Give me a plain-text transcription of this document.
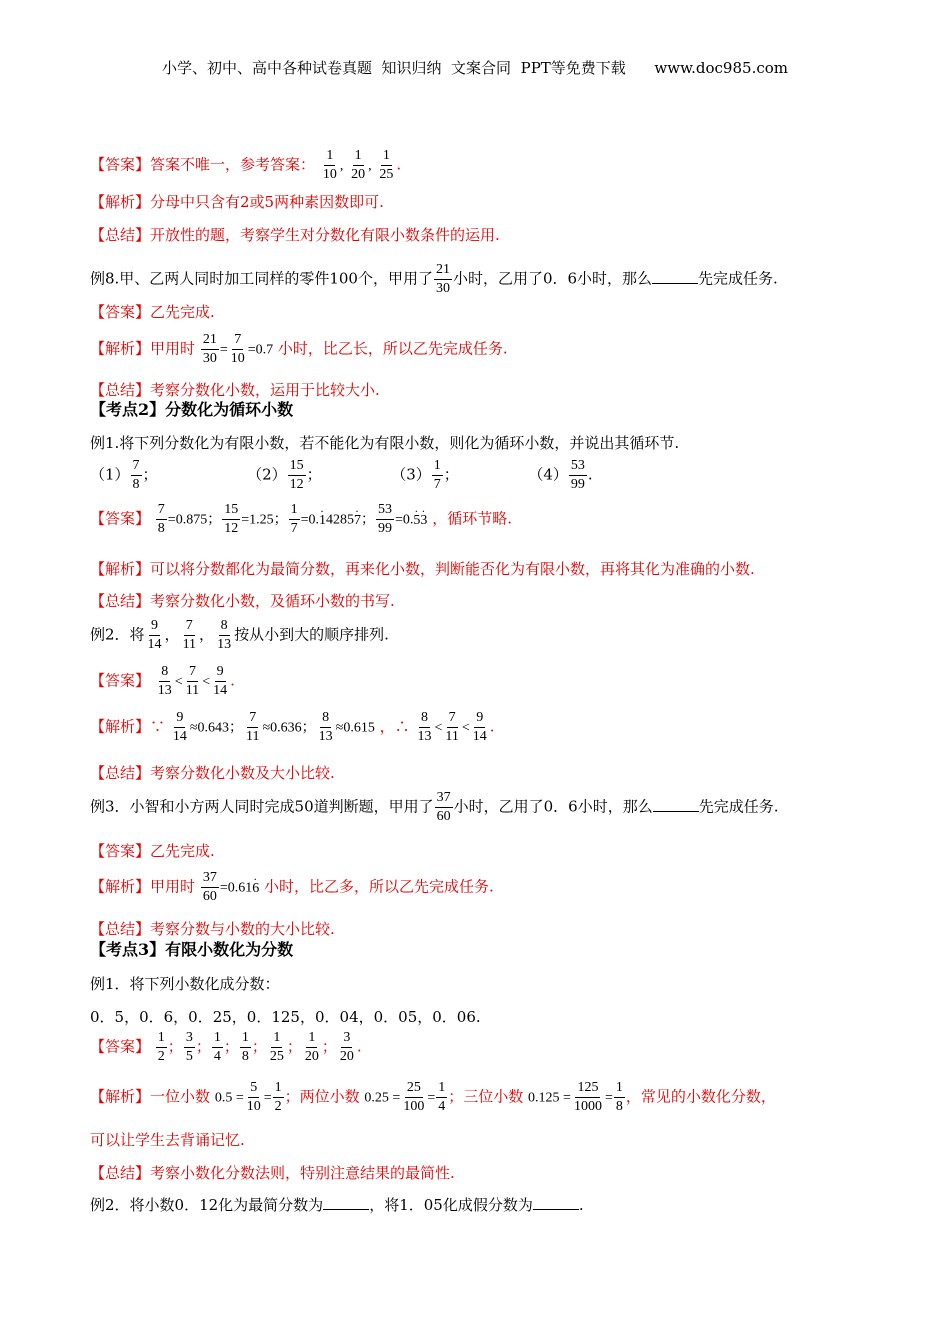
小学、初中、高中各种试卷真题  知识归纳  文案合同  PPT等免费下载      www.doc985.com
【答案】答案不唯一，参考答案： $\frac{1}{10}$ , $\frac{1}{20}$ , $\frac{1}{25}$ .
【解析】分母中只含有2或5两种素因数即可.
【总结】开放性的题，考察学生对分数化有限小数条件的运用.
例8.甲、乙两人同时加工同样的零件100个，甲用了 $\frac{21}{30}$ 小时，乙用了0．6小时，那么	先完成任务.
【答案】乙先完成.
【解析】甲用时 $\frac{21}{30} = \frac{7}{10} =0.7$ 小时，比乙长，所以乙先完成任务.
【总结】考察分数化小数，运用于比较大小.
【考点2】分数化为循环小数
例1.将下列分数化为有限小数，若不能化为有限小数，则化为循环小数，并说出其循环节.
$(1) \frac{7}{8}$ ；	$(2) \frac{15}{12}$ ；	$(3) \frac{1}{7}$ ；	$(4) \frac{53}{99}$ .
【答案】 $\frac{7}{8} =0.875$； $\frac{15}{12} =1.25$； $\frac{1}{7} =0.\cdot 14285\cdot 7$； $\frac{53}{99} =0.\cdot 5\cdot 3$ ，循环节略.
【解析】可以将分数都化为最简分数，再来化小数，判断能否化为有限小数，再将其化为准确的小数.
【总结】考察分数化小数，及循环小数的书写.
例2．将 $\frac{9}{14}$ ， $\frac{7}{11}$ ， $\frac{8}{13}$ 按从小到大的顺序排列.
【答案】 $\frac{8}{13} < \frac{7}{11} < \frac{9}{14}$ .
【解析】∵ $\frac{9}{14} \approx 0.643$； $\frac{7}{11} \approx 0.636$； $\frac{8}{13} \approx 0.615$ ，∴ $\frac{8}{13} < \frac{7}{11} < \frac{9}{14}$ .
【总结】考察分数化小数及大小比较.
例3．小智和小方两人同时完成50道判断题，甲用了 $\frac{37}{60}$ 小时，乙用了0．6小时，那么	先完成任务.
【答案】乙先完成.
【解析】甲用时 $\frac{37}{60} =0.61\cdot 6$ 小时，比乙多，所以乙先完成任务.
【总结】考察分数与小数的大小比较.
【考点3】有限小数化为分数
例1．将下列小数化成分数：
0．5，0．6，0．25，0．125，0．04，0．05，0．06.
【答案】 $\frac{1}{2}$ ； $\frac{3}{5}$ ； $\frac{1}{4}$ ； $\frac{1}{8}$ ； $\frac{1}{25}$ ； $\frac{1}{20}$ ； $\frac{3}{20}$ .
【解析】一位小数 $0.5 = \frac{5}{10} = \frac{1}{2}$ ；两位小数 $0.25 = \frac{25}{100} = \frac{1}{4}$ ；三位小数 $0.125 = \frac{125}{1000} = \frac{1}{8}$ ，常见的小数化分数，
可以让学生去背诵记忆.
【总结】考察小数化分数法则，特别注意结果的最简性.
例2．将小数0．12化为最简分数为	，将1．05化成假分数为	.
